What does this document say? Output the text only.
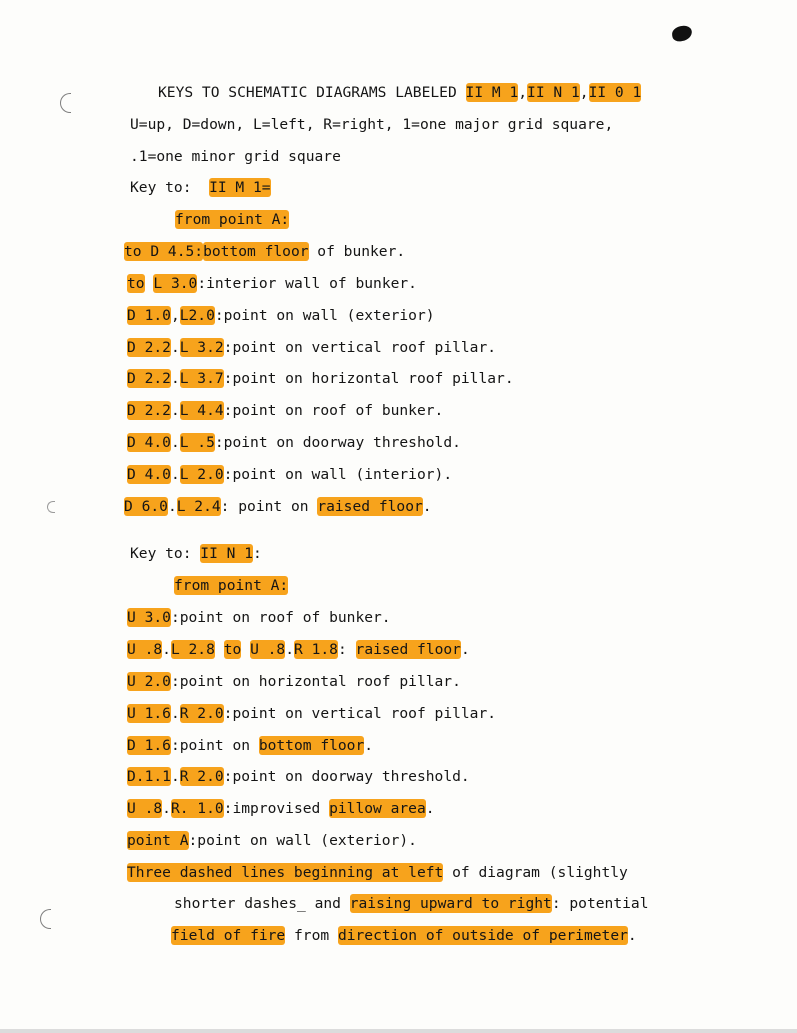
KEYS TO SCHEMATIC DIAGRAMS LABELED II M 1,II N 1,II 0 1
U=up, D=down, L=left, R=right, 1=one major grid square,
.1=one minor grid square
Key to:  II M 1=
from point A:
to D 4.5:bottom floor of bunker.
to L 3.0:interior wall of bunker.
D 1.0,L2.0:point on wall (exterior)
D 2.2.L 3.2:point on vertical roof pillar.
D 2.2.L 3.7:point on horizontal roof pillar.
D 2.2.L 4.4:point on roof of bunker.
D 4.0.L .5:point on doorway threshold.
D 4.0.L 2.0:point on wall (interior).
D 6.0.L 2.4: point on raised floor.
Key to: II N 1:
from point A:
U 3.0:point on roof of bunker.
U .8.L 2.8 to U .8.R 1.8: raised floor.
U 2.0:point on horizontal roof pillar.
U 1.6.R 2.0:point on vertical roof pillar.
D 1.6:point on bottom floor.
D.1.1.R 2.0:point on doorway threshold.
U .8.R. 1.0:improvised pillow area.
point A:point on wall (exterior).
Three dashed lines beginning at left of diagram (slightly
shorter dashes_ and raising upward to right: potential
field of fire from direction of outside of perimeter.
